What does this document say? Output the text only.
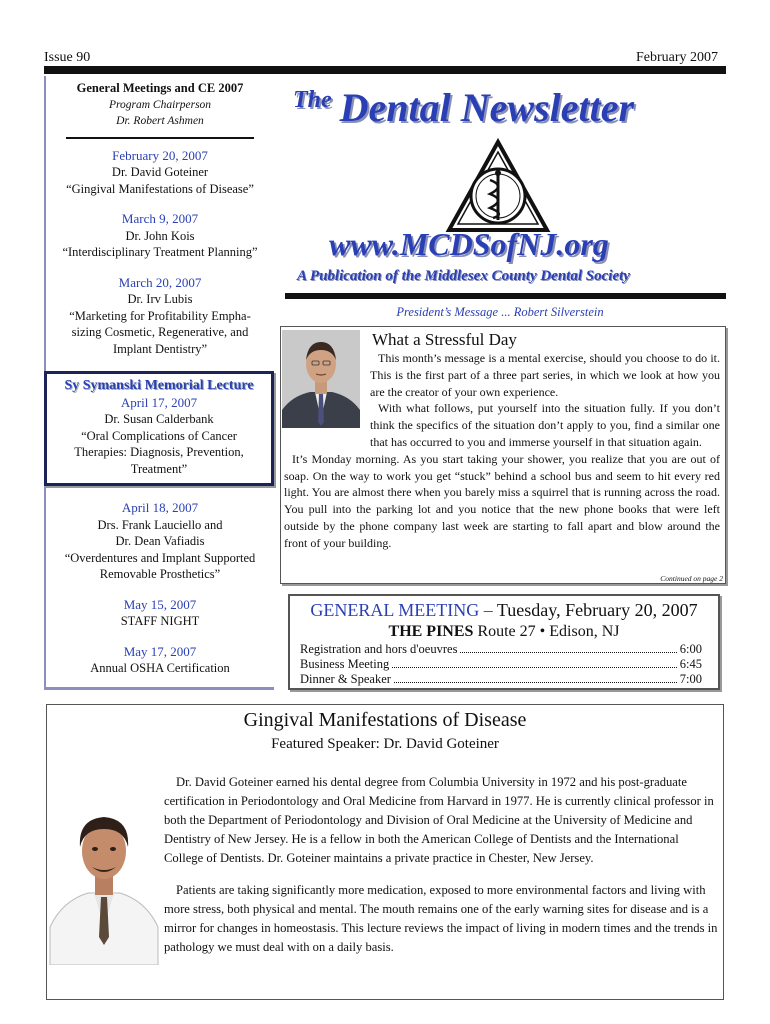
Issue 90	February 2007
General Meetings and CE 2007
Program Chairperson
Dr. Robert Ashmen
February 20, 2007
Dr. David Goteiner
“Gingival Manifestations of Disease”
March 9, 2007
Dr. John Kois
“Interdisciplinary Treatment Planning”
March 20, 2007
Dr. Irv Lubis
“Marketing for Profitability Empha-
sizing Cosmetic, Regenerative, and
Implant Dentistry”
Sy Symanski Memorial Lecture
April 17, 2007
Dr. Susan Calderbank
“Oral Complications of Cancer
Therapies: Diagnosis, Prevention,
Treatment”
April 18, 2007
Drs. Frank Lauciello and
Dr. Dean Vafiadis
“Overdentures and Implant Supported
Removable Prosthetics”
May 15, 2007
STAFF NIGHT
May 17, 2007
Annual OSHA Certification
$^{The}$ Dental Newsletter
www.MCDSofNJ.org
A Publication of the Middlesex County Dental Society
President’s Message ... Robert Silverstein
What a Stressful Day

This month’s message is a mental exercise, should you choose to do it. This is the first part of a three part series, in which we look at how you are the creator of your own experience.

With what follows, put yourself into the situation fully. If you don’t think the specifics of the situation don’t apply to you, find a similar one that has occurred to you and immerse yourself in that situation again.

It’s Monday morning. As you start taking your shower, you realize that you are out of soap. On the way to work you get “stuck” behind a school bus and seem to hit every red light. You are almost there when you barely miss a squirrel that is running across the road. You pull into the parking lot and you notice that the new phone books that were left outside by the phone company last week are starting to fall apart and blow around the front of your building.

Continued on page 2
GENERAL MEETING – Tuesday, February 20, 2007
THE PINES Route 27 • Edison, NJ
Registration and hors d'oeuvres	6:00
Business Meeting	6:45
Dinner & Speaker	7:00
Gingival Manifestations of Disease
Featured Speaker: Dr. David Goteiner

Dr. David Goteiner earned his dental degree from Columbia University in 1972 and his post-graduate certification in Periodontology and Oral Medicine from Harvard in 1977. He is currently clinical professor in both the Department of Periodontology and Division of Oral Medicine at the University of Medicine and Dentistry of New Jersey. He is a fellow in both the American College of Dentists and the International College of Dentists. Dr. Goteiner maintains a private practice in Chester, New Jersey.

Patients are taking significantly more medication, exposed to more environmental factors and living with more stress, both physical and mental. The mouth remains one of the early warning sites for disease and is a mirror for changes in homeostasis. This lecture reviews the impact of living in modern times and the trends in pathology we must deal with on a daily basis.
